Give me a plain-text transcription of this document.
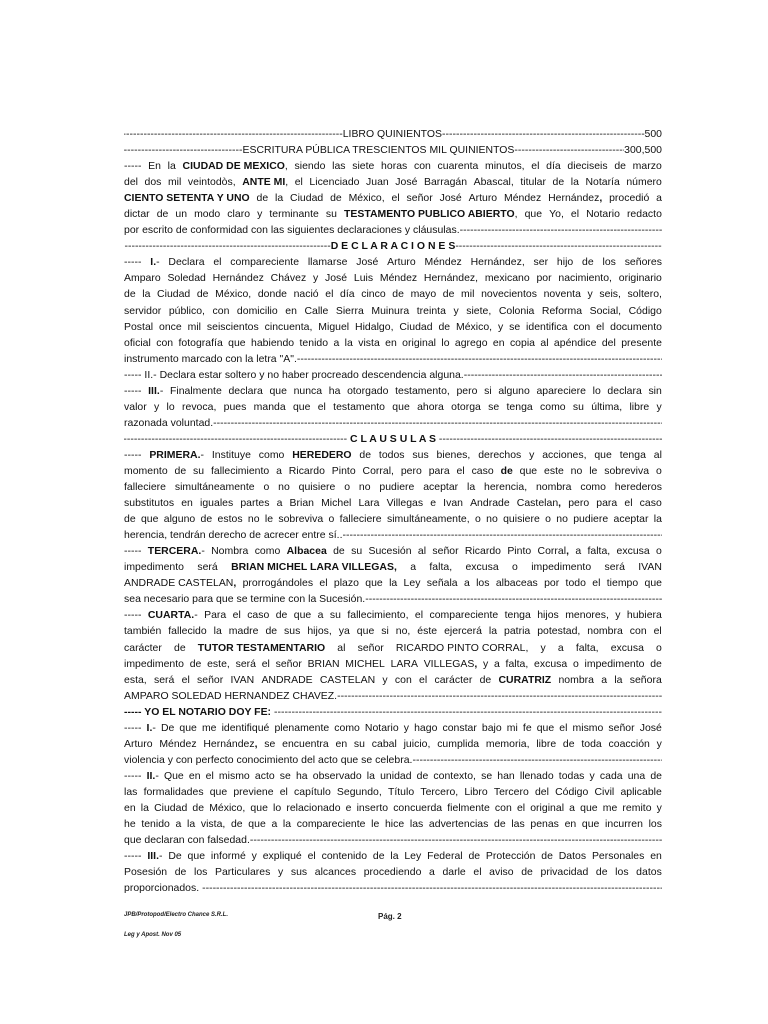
-----
LIBRO QUINIENTOS -----	500
-----
ESCRITURA PÚBLICA TRESCIENTOS MIL QUINIENTOS -----	300,500
----- En la CIUDAD DE MEXICO, siendo las siete horas con cuarenta minutos, el día dieciseis de marzo
del dos mil veintodòs, ANTE MI, el Licenciado Juan José Barragán Abascal, titular de la Notaría número
CIENTO SETENTA Y UNO de la Ciudad de México, el señor José Arturo Méndez Hernández, procedió a
dictar de un modo claro y terminante su TESTAMENTO PUBLICO ABIERTO, que Yo, el Notario redacto
por escrito de conformidad con las siguientes declaraciones y cláusulas.
-----
-----
D E C L A R A C I O N E S
-----
----- I.- Declara el compareciente llamarse José Arturo Méndez Hernández, ser hijo de los señores
Amparo Soledad Hernández Chávez y José Luis Méndez Hernández, mexicano por nacimiento, originario
de la Ciudad de México, donde nació el día cinco de mayo de mil novecientos noventa y seis, soltero,
servidor público, con domicilio en Calle Sierra Muinura treinta y siete, Colonia Reforma Social, Código
Postal once mil seiscientos cincuenta, Miguel Hidalgo, Ciudad de México, y se identifica con el documento
oficial con fotografía que habiendo tenido a la vista en original lo agrego en copia al apéndice del presente
instrumento marcado con la letra "A".
-----
----- II.- Declara estar soltero y no haber procreado descendencia alguna.
-----
----- III.- Finalmente declara que nunca ha otorgado testamento, pero si alguno apareciere lo declara sin
valor y lo revoca, pues manda que el testamento que ahora otorga se tenga como su última, libre y
razonada voluntad.
-----
-----
C L A U S U L A S
-----
----- PRIMERA.- Instituye como HEREDERO de todos sus bienes, derechos y acciones, que tenga al
momento de su fallecimiento a Ricardo Pinto Corral, pero para el caso de que este no le sobreviva o
falleciere simultáneamente o no quisiere o no pudiere aceptar la herencia, nombra como herederos
substitutos en iguales partes a Brian Michel Lara Villegas e Ivan Andrade Castelan, pero para el caso
de que alguno de estos no le sobreviva o falleciere simultáneamente, o no quisiere o no pudiere aceptar la
herencia, tendrán derecho de acrecer entre sí..
-----
----- TERCERA.- Nombra como Albacea de su Sucesión al señor Ricardo Pinto Corral, a falta, excusa o
impedimento será BRIAN MICHEL LARA VILLEGAS, a falta, excusa o impedimento será IVAN
ANDRADE CASTELAN, prorrogándoles el plazo que la Ley señala a los albaceas por todo el tiempo que
sea necesario para que se termine con la Sucesión.
-----
----- CUARTA.- Para el caso de que a su fallecimiento, el compareciente tenga hijos menores, y hubiera
también fallecido la madre de sus hijos, ya que si no, éste ejercerá la patria potestad, nombra con el
carácter de TUTOR TESTAMENTARIO al señor RICARDO PINTO CORRAL, y a falta, excusa o
impedimento de este, será el señor BRIAN MICHEL LARA VILLEGAS, y a falta, excusa o impedimento de
esta, será el señor IVAN ANDRADE CASTELAN y con el carácter de CURATRIZ nombra a la señora
AMPARO SOLEDAD HERNANDEZ CHAVEZ.
-----
----- YO EL NOTARIO DOY FE:
-----
----- I.- De que me identifiqué plenamente como Notario y hago constar bajo mi fe que el mismo señor José
Arturo Méndez Hernández, se encuentra en su cabal juicio, cumplida memoria, libre de toda coacción y
violencia y con perfecto conocimiento del acto que se celebra.
-----
----- II.- Que en el mismo acto se ha observado la unidad de contexto, se han llenado todas y cada una de
las formalidades que previene el capítulo Segundo, Título Tercero, Libro Tercero del Código Civil aplicable
en la Ciudad de México, que lo relacionado e inserto concuerda fielmente con el original a que me remito y
he tenido a la vista, de que a la compareciente le hice las advertencias de las penas en que incurren los
que declaran con falsedad.
-----
----- III.- De que informé y expliqué el contenido de la Ley Federal de Protección de Datos Personales en
Posesión de los Particulares y sus alcances procediendo a darle el aviso de privacidad de los datos
proporcionados.
-----
JPB/Protopod/Electro Chance S.R.L.	Pág. 2
Leg y Apost. Nov 05
